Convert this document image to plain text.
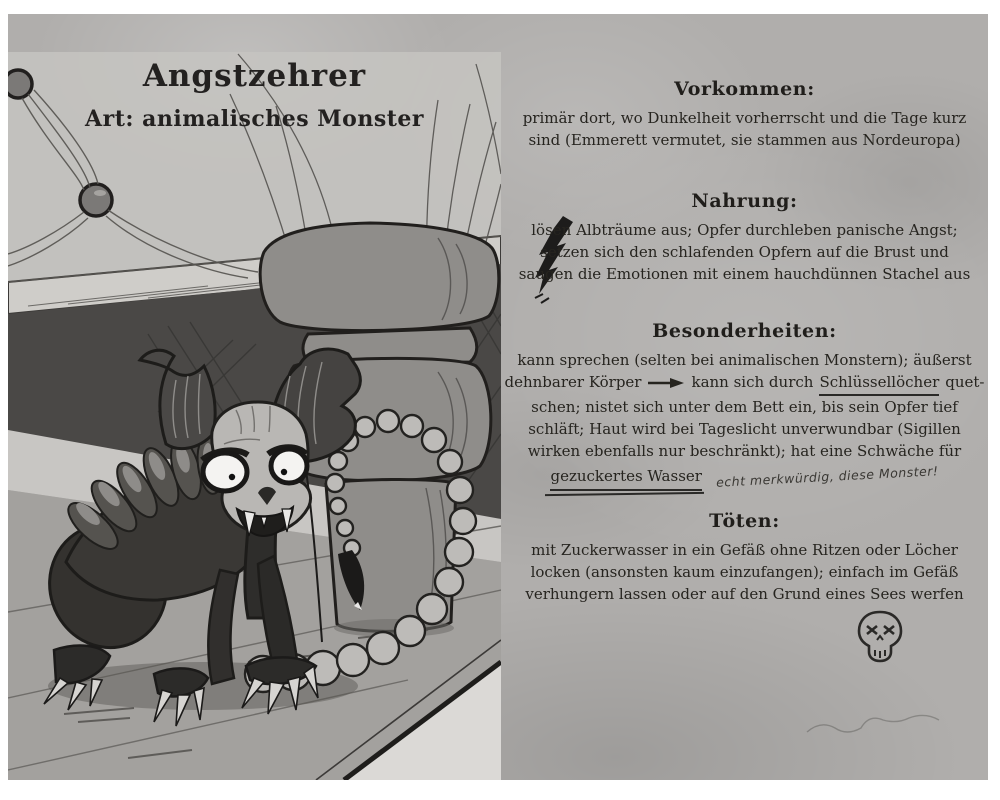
Angstzehrer
Art: animalisches Monster
Vorkommen:
primär dort, wo Dunkelheit vorherrscht und die Tage kurz
sind (Emmerett vermutet, sie stammen aus Nordeuropa)
Nahrung:
lösen Albträume aus; Opfer durchleben panische Angst;
setzen sich den schlafenden Opfern auf die Brust und
saugen die Emotionen mit einem hauchdünnen Stachel aus
Besonderheiten:
kann sprechen (selten bei animalischen Monstern); äußerst
dehnbarer Körper	kann sich durch Schlüssellöcher quet-
schen; nistet sich unter dem Bett ein, bis sein Opfer tief
schläft; Haut wird bei Tageslicht unverwundbar (Sigillen
wirken ebenfalls nur beschränkt); hat eine Schwäche für
gezuckertes Wasser echt merkwürdig, diese Monster!
Töten:
mit Zuckerwasser in ein Gefäß ohne Ritzen oder Löcher
locken (ansonsten kaum einzufangen); einfach im Gefäß
verhungern lassen oder auf den Grund eines Sees werfen
